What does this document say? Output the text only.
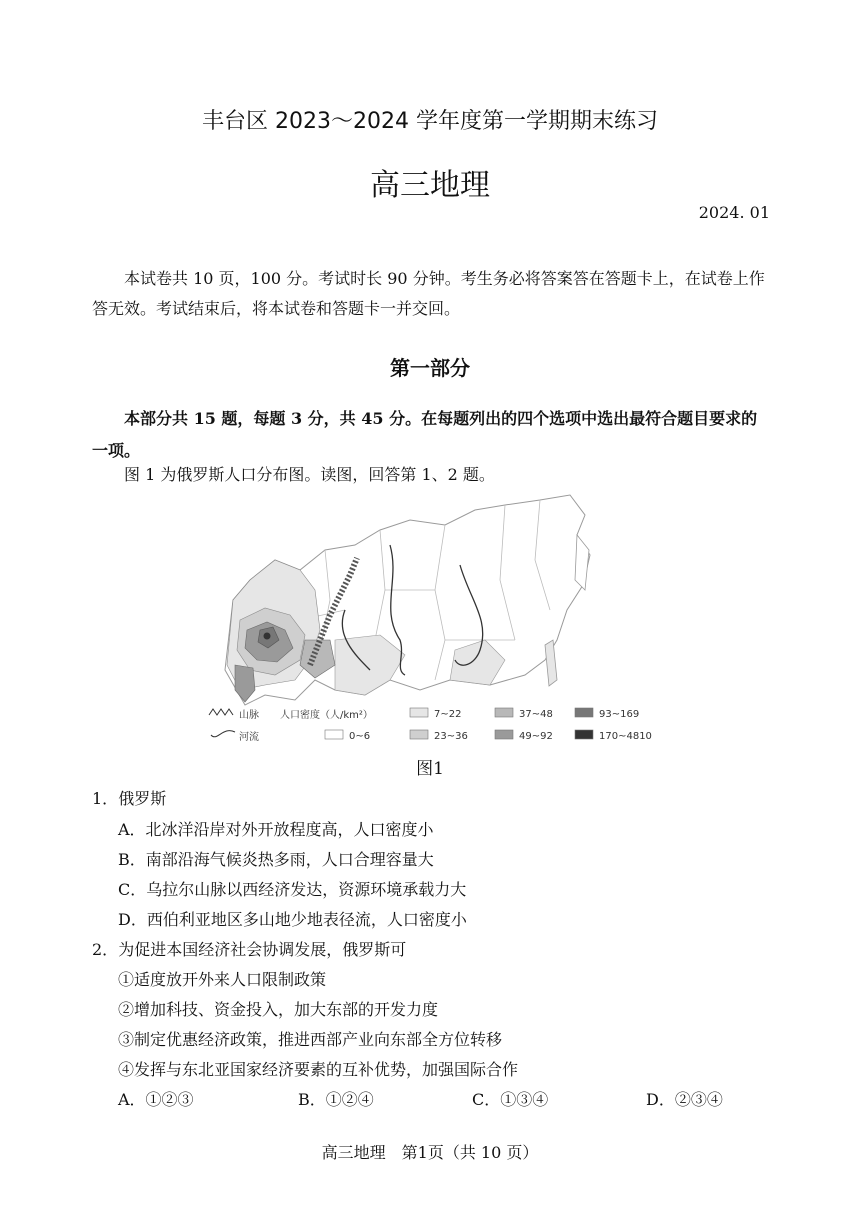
丰台区 2023～2024 学年度第一学期期末练习
高三地理
2024. 01
本试卷共 10 页，100 分。考试时长 90 分钟。考生务必将答案答在答题卡上，在试卷上作答无效。考试结束后，将本试卷和答题卡一并交回。
第一部分
本部分共 15 题，每题 3 分，共 45 分。在每题列出的四个选项中选出最符合题目要求的一项。
图 1 为俄罗斯人口分布图。读图，回答第 1、2 题。
山脉
河流
人口密度（人/km²）
0~6
7~22
23~36
37~48
49~92
93~169
170~4810
图1
1．俄罗斯
A．北冰洋沿岸对外开放程度高，人口密度小
B．南部沿海气候炎热多雨，人口合理容量大
C．乌拉尔山脉以西经济发达，资源环境承载力大
D．西伯利亚地区多山地少地表径流，人口密度小
2．为促进本国经济社会协调发展，俄罗斯可
①适度放开外来人口限制政策
②增加科技、资金投入，加大东部的开发力度
③制定优惠经济政策，推进西部产业向东部全方位转移
④发挥与东北亚国家经济要素的互补优势，加强国际合作
A．①②③	B．①②④	C．①③④	D．②③④
高三地理　第1页（共 10 页）
